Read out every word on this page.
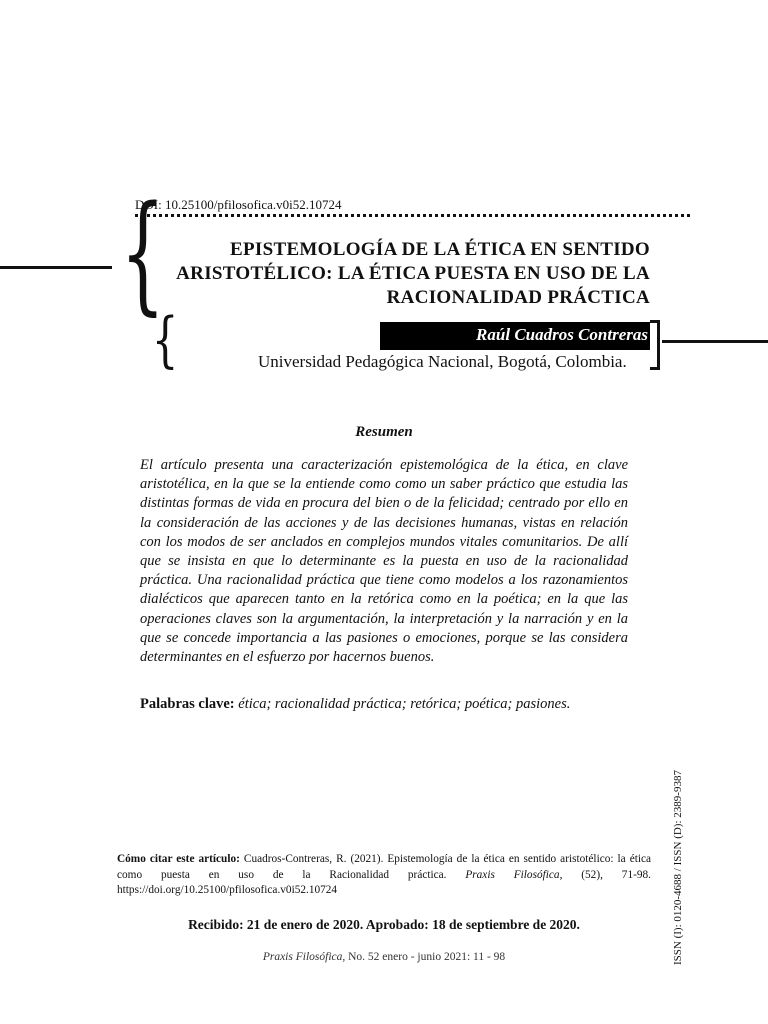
DOI: 10.25100/pfilosofica.v0i52.10724
{	EPISTEMOLOGÍA DE LA ÉTICA EN SENTIDO
ARISTOTÉLICO: LA ÉTICA PUESTA EN USO DE LA
RACIONALIDAD PRÁCTICA
{	Raúl Cuadros Contreras
Universidad Pedagógica Nacional, Bogotá, Colombia.
Resumen
El artículo presenta una caracterización epistemológica de la ética, en clave aristotélica, en la que se la entiende como como un saber práctico que estudia las distintas formas de vida en procura del bien o de la felicidad; centrado por ello en la consideración de las acciones y de las decisiones humanas, vistas en relación con los modos de ser anclados en complejos mundos vitales comunitarios. De allí que se insista en que lo determinante es la puesta en uso de la racionalidad práctica. Una racionalidad práctica que tiene como modelos a los razonamientos dialécticos que aparecen tanto en la retórica como en la poética; en la que las operaciones claves son la argumentación, la interpretación y la narración y en la que se concede importancia a las pasiones o emociones, porque se las considera determinantes en el esfuerzo por hacernos buenos.
Palabras clave: ética; racionalidad práctica; retórica; poética; pasiones.
ISSN (I): 0120-4688 / ISSN (D): 2389-9387
Cómo citar este artículo: Cuadros-Contreras, R. (2021). Epistemología de la ética en sentido aristotélico: la ética como puesta en uso de la Racionalidad práctica. Praxis Filosófica, (52), 71-98. https://doi.org/10.25100/pfilosofica.v0i52.10724
Recibido: 21 de enero de 2020. Aprobado: 18 de septiembre de 2020.
Praxis Filosófica, No. 52 enero - junio 2021: 11 - 98
